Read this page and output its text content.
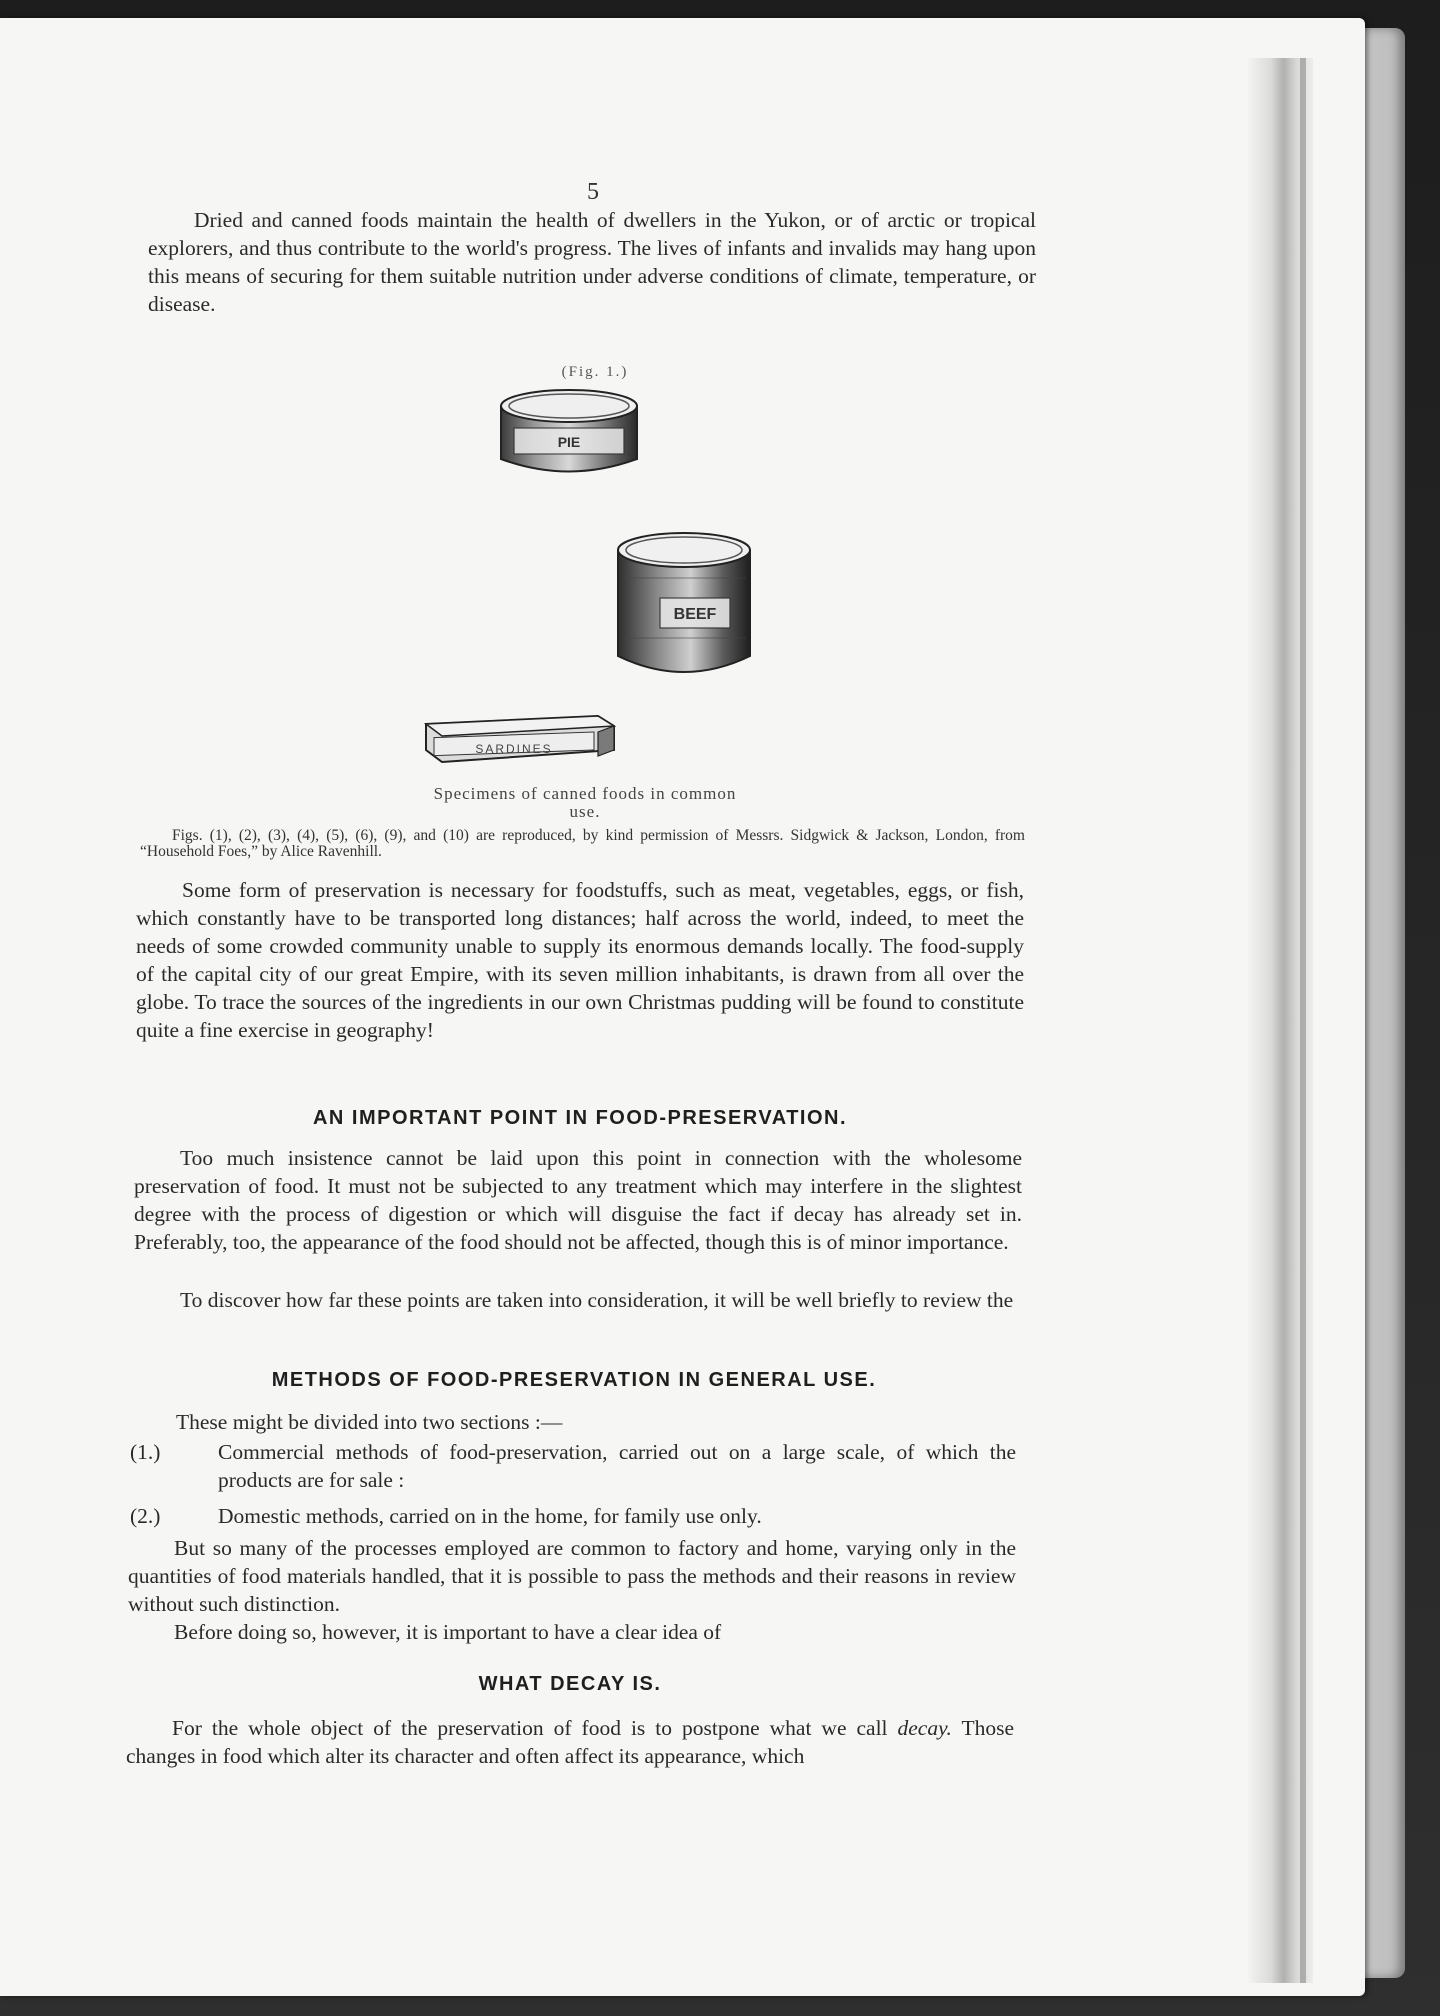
5

Dried and canned foods maintain the health of dwellers in the Yukon, or of arctic or tropical explorers, and thus contribute to the world's progress. The lives of infants and invalids may hang upon this means of securing for them suitable nutrition under adverse conditions of climate, temperature, or disease.

(Fig. 1.)
PIE
BEEF
SARDINES
Specimens of canned foods in common use.

Figs. (1), (2), (3), (4), (5), (6), (9), and (10) are reproduced, by kind permission of Messrs. Sidgwick & Jackson, London, from “Household Foes,” by Alice Ravenhill.

Some form of preservation is necessary for foodstuffs, such as meat, vegetables, eggs, or fish, which constantly have to be transported long distances; half across the world, indeed, to meet the needs of some crowded community unable to supply its enormous demands locally. The food-supply of the capital city of our great Empire, with its seven million inhabitants, is drawn from all over the globe. To trace the sources of the ingredients in our own Christmas pudding will be found to constitute quite a fine exercise in geography!

AN IMPORTANT POINT IN FOOD-PRESERVATION.

Too much insistence cannot be laid upon this point in connection with the wholesome preservation of food. It must not be subjected to any treatment which may interfere in the slightest degree with the process of digestion or which will disguise the fact if decay has already set in. Preferably, too, the appearance of the food should not be affected, though this is of minor importance.

To discover how far these points are taken into consideration, it will be well briefly to review the

METHODS OF FOOD-PRESERVATION IN GENERAL USE.

These might be divided into two sections :—

(1.)	Commercial methods of food-preservation, carried out on a large scale, of which the products are for sale :
(2.)	Domestic methods, carried on in the home, for family use only.

But so many of the processes employed are common to factory and home, varying only in the quantities of food materials handled, that it is possible to pass the methods and their reasons in review without such distinction.

Before doing so, however, it is important to have a clear idea of

WHAT DECAY IS.

For the whole object of the preservation of food is to postpone what we call decay. Those changes in food which alter its character and often affect its appearance, which
